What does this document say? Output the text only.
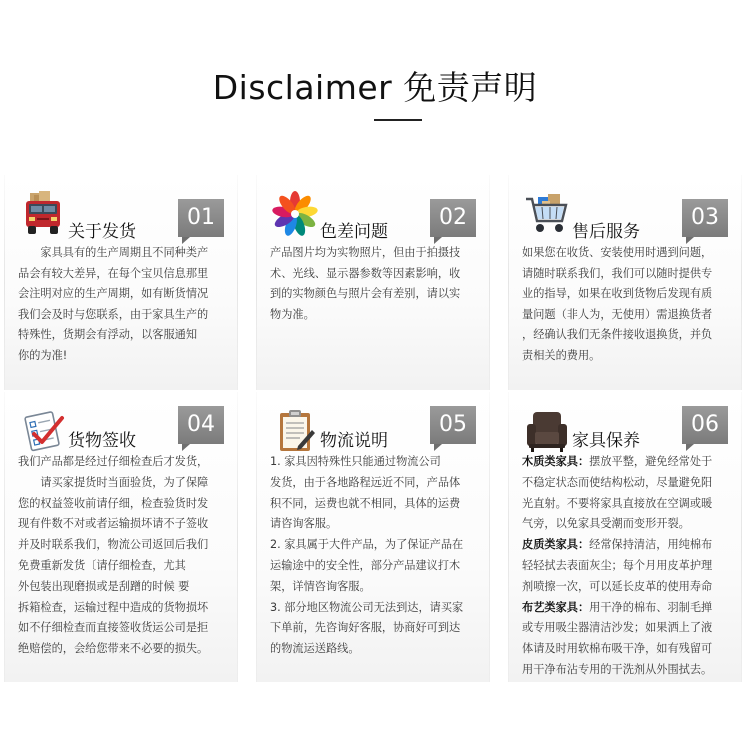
Disclaimer 免责声明
关于发货
01
　　家具具有的生产周期且不同种类产
品会有较大差异，在每个宝贝信息那里
会注明对应的生产周期，如有断货情况
我们会及时与您联系，由于家具生产的
特殊性，货期会有浮动，以客服通知
你的为准!
色差问题
02
产品图片均为实物照片，但由于拍摄技
术、光线、显示器参数等因素影响，收
到的实物颜色与照片会有差别，请以实
物为准。
售后服务
03
如果您在收货、安装使用时遇到问题，
请随时联系我们，我们可以随时提供专
业的指导，如果在收到货物后发现有质
量问题（非人为，无使用）需退换货者
，经确认我们无条件接收退换货，并负
责相关的费用。
货物签收
04
我们产品都是经过仔细检查后才发货，
　　请买家提货时当面验货，为了保障
您的权益签收前请仔细，检查验货时发
现有件数不对或者运输损坏请不子签收
并及时联系我们，物流公司返回后我们
免费重新发货〔请仔细检查，尤其
外包装出现磨损或是刮蹭的时候 要
拆箱检查，运输过程中造成的货物损坏
如不仔细检查而直接签收货运公司是拒
绝赔偿的，会给您带来不必要的损失。
物流说明
05
1. 家具因特殊性只能通过物流公司
发货，由于各地路程远近不同，产品体
积不同，运费也就不相同，具体的运费
请咨询客服。
2. 家具属于大件产品，为了保证产品在
运输途中的安全性，部分产品建议打木
架，详情咨询客服。
3. 部分地区物流公司无法到达，请买家
下单前，先咨询好客服，协商好可到达
的物流运送路线。
家具保养
06
木质类家具：摆放平整，避免经常处于
不稳定状态而使结构松动，尽量避免阳
光直射。不要将家具直接放在空调或暖
气旁，以免家具受潮而变形开裂。
皮质类家具：经常保持清洁，用纯棉布
轻轻拭去表面灰尘；每个月用皮革护理
剂喷擦一次，可以延长皮革的使用寿命
布艺类家具：用干净的棉布、羽制毛掸
或专用吸尘器清洁沙发；如果洒上了液
体请及时用软棉布吸干净，如有残留可
用干净布沾专用的干洗剂从外围拭去。
